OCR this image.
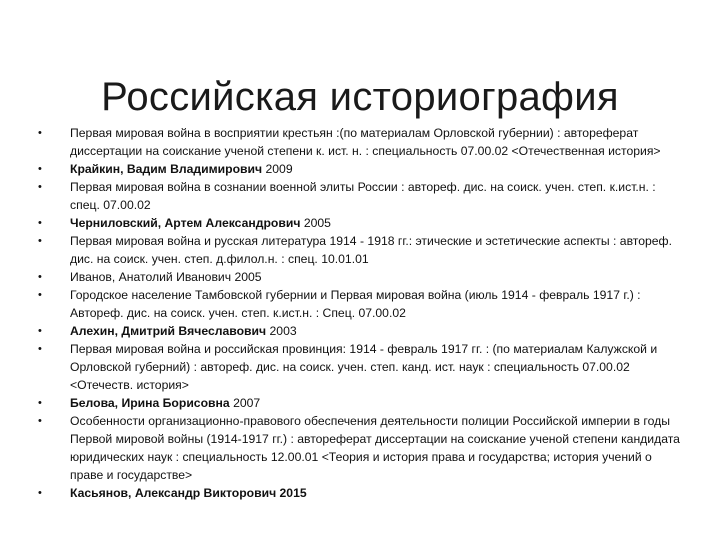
Российская историография
•	Первая мировая война в восприятии крестьян :(по материалам Орловской губернии) : автореферат диссертации на соискание ученой степени к. ист. н. : специальность 07.00.02 <Отечественная история>
•	Крайкин, Вадим Владимирович 2009
•	Первая мировая война в сознании военной элиты России : автореф. дис. на соиск. учен. степ. к.ист.н. : спец. 07.00.02
•	Черниловский, Артем Александрович 2005
•	Первая мировая война и русская литература 1914 - 1918 гг.: этические и эстетические аспекты : автореф. дис. на соиск. учен. степ. д.филол.н. : спец. 10.01.01
•	Иванов, Анатолий Иванович 2005
•	Городское население Тамбовской губернии и Первая мировая война (июль 1914 - февраль 1917 г.) : Автореф. дис. на соиск. учен. степ. к.ист.н. : Спец. 07.00.02
•	Алехин, Дмитрий Вячеславович 2003
•	Первая мировая война и российская провинция: 1914 - февраль 1917 гг. : (по материалам Калужской и Орловской губерний) : автореф. дис. на соиск. учен. степ. канд. ист. наук : специальность 07.00.02 <Отечеств. история>
•	Белова, Ирина Борисовна 2007
•	Особенности организационно-правового обеспечения деятельности полиции Российской империи в годы Первой мировой войны (1914-1917 гг.) : автореферат диссертации на соискание ученой степени кандидата юридических наук : специальность 12.00.01 <Теория и история права и государства; история учений о праве и государстве>
•	Касьянов, Александр Викторович 2015
